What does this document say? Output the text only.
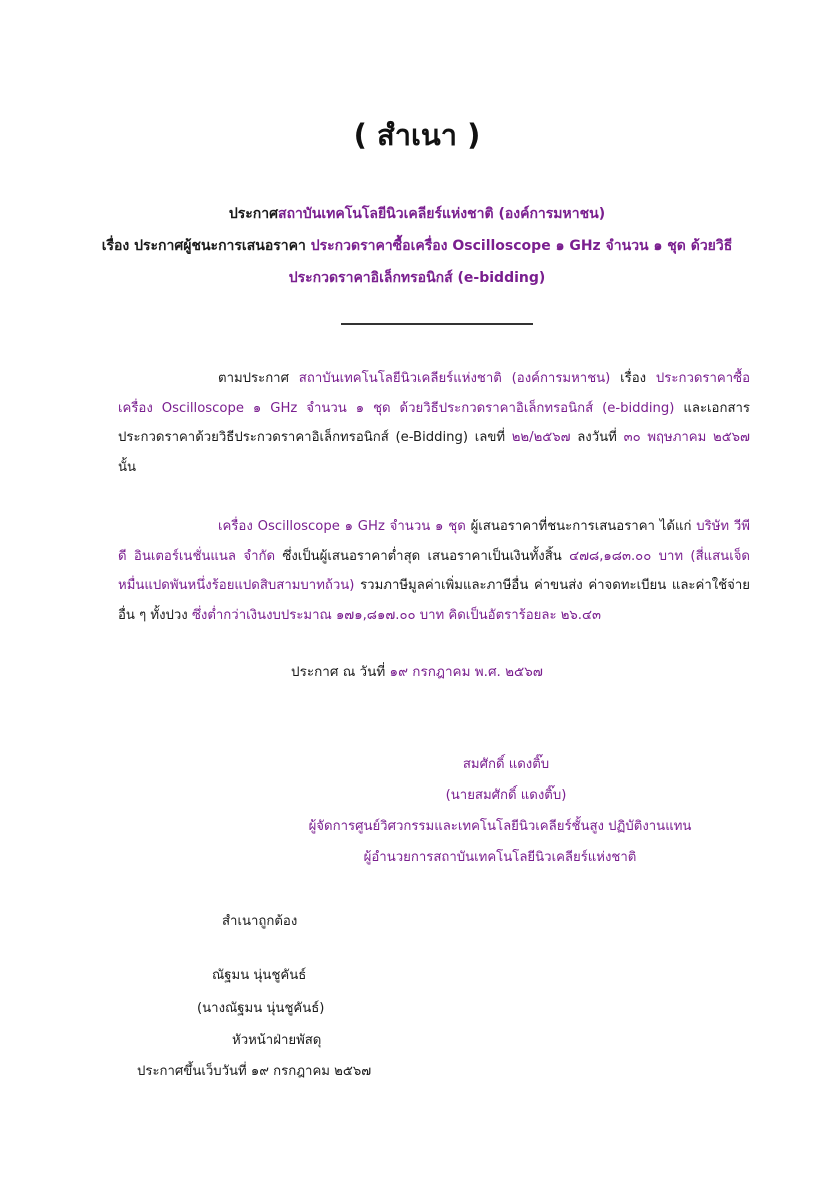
( สำเนา )
ประกาศสถาบันเทคโนโลยีนิวเคลียร์แห่งชาติ (องค์การมหาชน)
เรื่อง ประกาศผู้ชนะการเสนอราคา ประกวดราคาซื้อเครื่อง Oscilloscope ๑ GHz จำนวน ๑ ชุด ด้วยวิธี
ประกวดราคาอิเล็กทรอนิกส์ (e-bidding)
ตามประกาศ สถาบันเทคโนโลยีนิวเคลียร์แห่งชาติ (องค์การมหาชน) เรื่อง ประกวดราคาซื้อเครื่อง Oscilloscope ๑ GHz จำนวน ๑ ชุด ด้วยวิธีประกวดราคาอิเล็กทรอนิกส์ (e-bidding) และเอกสารประกวดราคาด้วยวิธีประกวดราคาอิเล็กทรอนิกส์ (e-Bidding) เลขที่ ๒๒/๒๕๖๗ ลงวันที่ ๓๐ พฤษภาคม ๒๕๖๗ นั้น
เครื่อง Oscilloscope ๑ GHz จำนวน ๑ ชุด ผู้เสนอราคาที่ชนะการเสนอราคา ได้แก่ บริษัท วีพีดี อินเตอร์เนชั่นแนล จำกัด ซึ่งเป็นผู้เสนอราคาต่ำสุด เสนอราคาเป็นเงินทั้งสิ้น ๔๗๘,๑๘๓.๐๐ บาท (สี่แสนเจ็ดหมื่นแปดพันหนึ่งร้อยแปดสิบสามบาทถ้วน) รวมภาษีมูลค่าเพิ่มและภาษีอื่น ค่าขนส่ง ค่าจดทะเบียน และค่าใช้จ่ายอื่น ๆ ทั้งปวง ซึ่งต่ำกว่าเงินงบประมาณ ๑๗๑,๘๑๗.๐๐ บาท คิดเป็นอัตราร้อยละ ๒๖.๔๓
ประกาศ ณ วันที่ ๑๙ กรกฎาคม พ.ศ. ๒๕๖๗
สมศักดิ์ แดงติ๊บ
(นายสมศักดิ์ แดงติ๊บ)
ผู้จัดการศูนย์วิศวกรรมและเทคโนโลยีนิวเคลียร์ชั้นสูง ปฏิบัติงานแทน
ผู้อำนวยการสถาบันเทคโนโลยีนิวเคลียร์แห่งชาติ
สำเนาถูกต้อง
ณัฐมน นุ่นชูคันธ์
(นางณัฐมน นุ่นชูคันธ์)
หัวหน้าฝ่ายพัสดุ
ประกาศขึ้นเว็บวันที่ ๑๙ กรกฎาคม ๒๕๖๗
